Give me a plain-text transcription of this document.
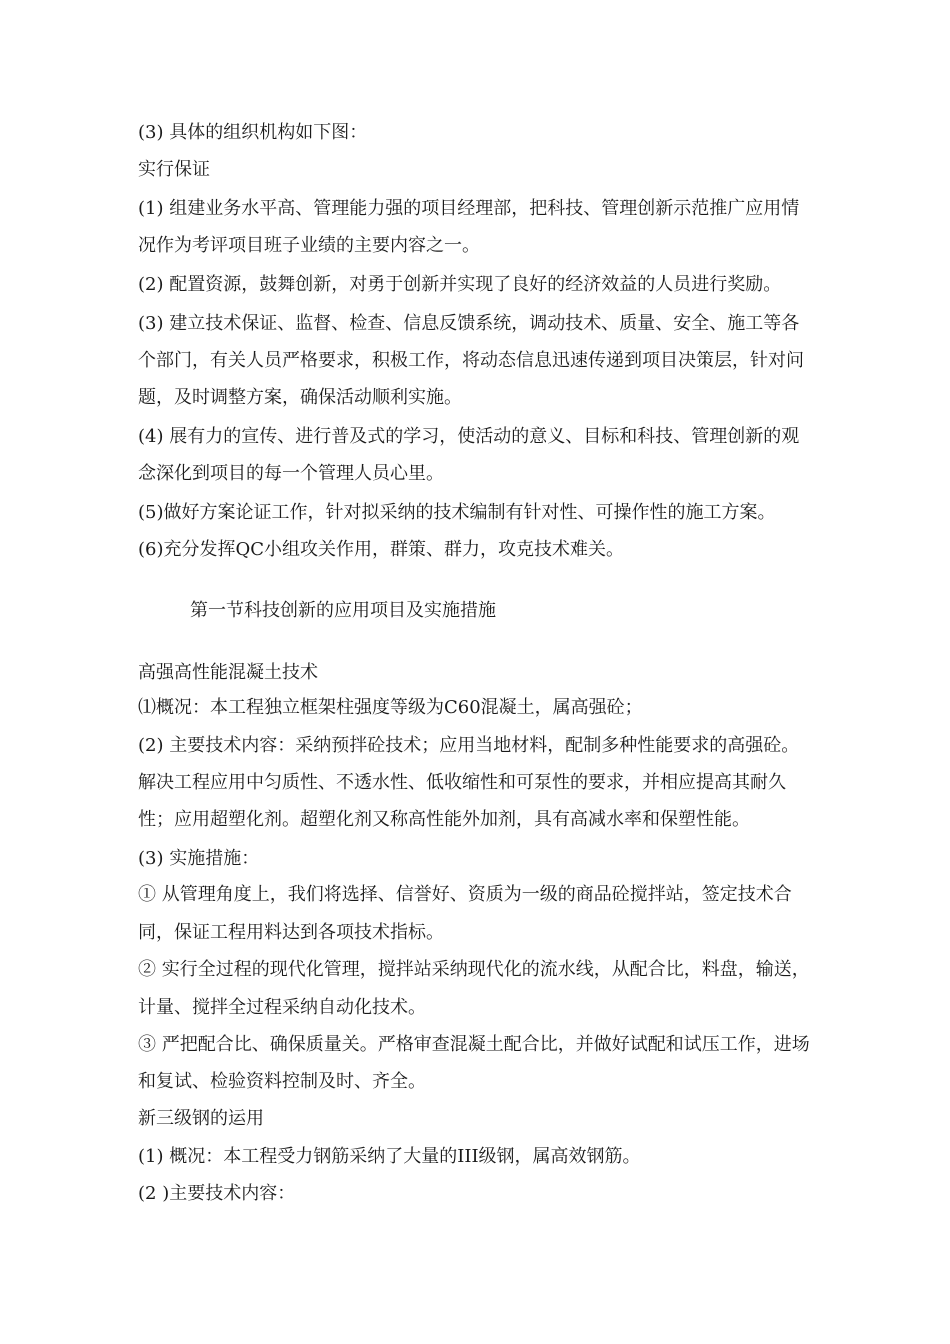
(3) 具体的组织机构如下图：
实行保证
(1) 组建业务水平高、管理能力强的项目经理部，把科技、管理创新示范推广应用情
况作为考评项目班子业绩的主要内容之一。
(2) 配置资源，鼓舞创新，对勇于创新并实现了良好的经济效益的人员进行奖励。
(3) 建立技术保证、监督、检查、信息反馈系统，调动技术、质量、安全、施工等各
个部门，有关人员严格要求，积极工作，将动态信息迅速传递到项目决策层，针对问
题，及时调整方案，确保活动顺利实施。
(4) 展有力的宣传、进行普及式的学习，使活动的意义、目标和科技、管理创新的观
念深化到项目的每一个管理人员心里。
(5)做好方案论证工作，针对拟采纳的技术编制有针对性、可操作性的施工方案。
(6)充分发挥QC小组攻关作用，群策、群力，攻克技术难关。
第一节科技创新的应用项目及实施措施
高强高性能混凝土技术
⑴概况：本工程独立框架柱强度等级为C60混凝土，属高强砼；
(2) 主要技术内容：采纳预拌砼技术；应用当地材料，配制多种性能要求的高强砼。
解决工程应用中匀质性、不透水性、低收缩性和可泵性的要求，并相应提高其耐久
性；应用超塑化剂。超塑化剂又称高性能外加剂，具有高减水率和保塑性能。
(3) 实施措施：
① 从管理角度上，我们将选择、信誉好、资质为一级的商品砼搅拌站，签定技术合
同，保证工程用料达到各项技术指标。
② 实行全过程的现代化管理，搅拌站采纳现代化的流水线，从配合比，料盘，输送，
计量、搅拌全过程采纳自动化技术。
③ 严把配合比、确保质量关。严格审查混凝土配合比，并做好试配和试压工作，进场
和复试、检验资料控制及时、齐全。
新三级钢的运用
(1) 概况：本工程受力钢筋采纳了大量的III级钢，属高效钢筋。
(2 )主要技术内容：
